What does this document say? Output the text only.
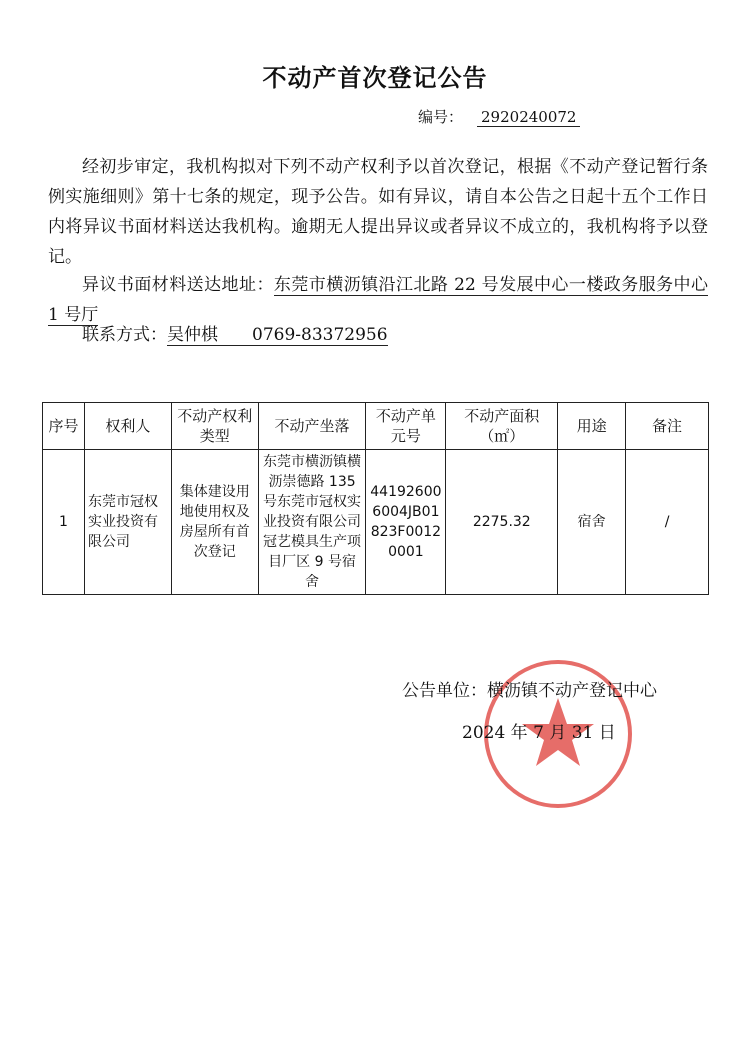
不动产首次登记公告
编号： 2920240072
经初步审定，我机构拟对下列不动产权利予以首次登记，根据《不动产登记暂行条例实施细则》第十七条的规定，现予公告。如有异议，请自本公告之日起十五个工作日内将异议书面材料送达我机构。逾期无人提出异议或者异议不成立的，我机构将予以登记。
异议书面材料送达地址：东莞市横沥镇沿江北路 22 号发展中心一楼政务服务中心 1 号厅
联系方式：吴仲棋 0769-83372956
序号	权利人	不动产权利类型	不动产坐落	不动产单元号	不动产面积（㎡）	用途	备注
1	东莞市冠权实业投资有限公司	集体建设用地使用权及房屋所有首次登记	东莞市横沥镇横沥崇德路 135 号东莞市冠权实业投资有限公司冠艺模具生产项目厂区 9 号宿舍	441926006004JB01823F00120001	2275.32	宿舍	/
公告单位：横沥镇不动产登记中心
2024 年 7 月 31 日
